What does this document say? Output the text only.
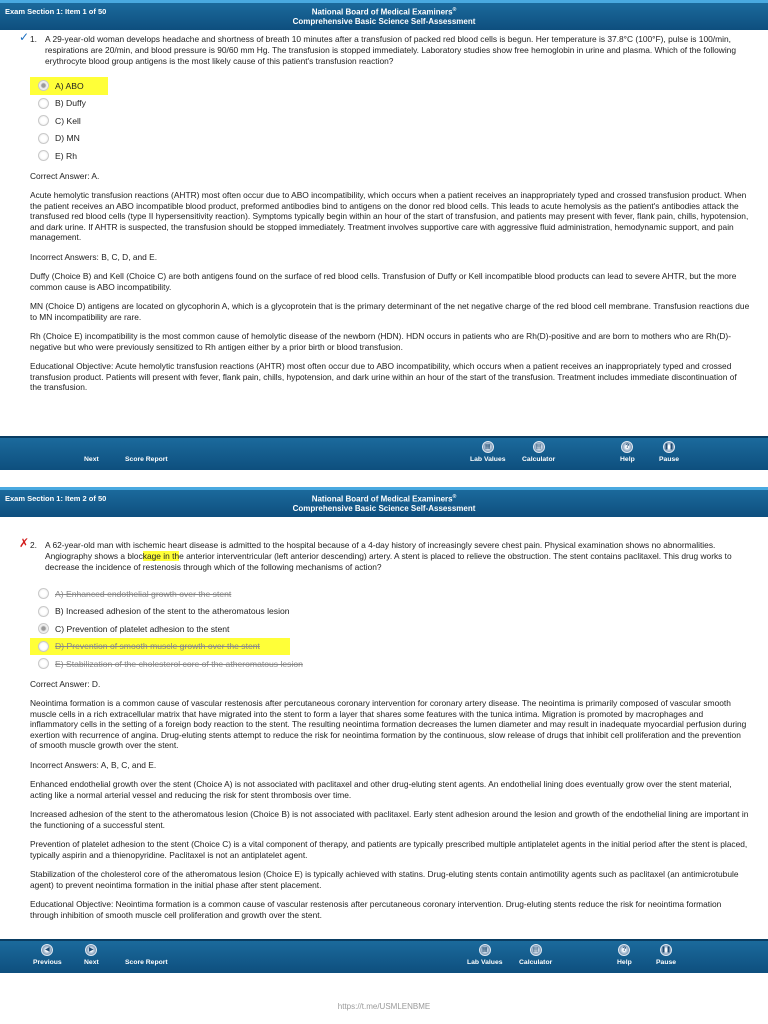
Exam Section 1: Item 1 of 50	National Board of Medical Examiners®
Comprehensive Basic Science Self-Assessment
✓ 1. A 29-year-old woman develops headache and shortness of breath 10 minutes after a transfusion of packed red blood cells is begun. Her temperature is 37.8°C (100°F), pulse is 100/min, respirations are 20/min, and blood pressure is 90/60 mm Hg. The transfusion is stopped immediately. Laboratory studies show free hemoglobin in urine and plasma. Which of the following erythrocyte blood group antigens is the most likely cause of this patient's transfusion reaction?
A) ABO
B) Duffy
C) Kell
D) MN
E) Rh

Correct Answer: A.

Acute hemolytic transfusion reactions (AHTR) most often occur due to ABO incompatibility, which occurs when a patient receives an inappropriately typed and crossed transfusion product. When the patient receives an ABO incompatible blood product, preformed antibodies bind to antigens on the donor red blood cells. This leads to acute hemolysis as the patient's antibodies attack the transfused red blood cells (type II hypersensitivity reaction). Symptoms typically begin within an hour of the start of transfusion, and patients may present with fever, flank pain, chills, hypotension, and dark urine. If AHTR is suspected, the transfusion should be stopped immediately. Treatment involves supportive care with aggressive fluid administration, hemodynamic support, and pain management.

Incorrect Answers: B, C, D, and E.

Duffy (Choice B) and Kell (Choice C) are both antigens found on the surface of red blood cells. Transfusion of Duffy or Kell incompatible blood products can lead to severe AHTR, but the more common cause is ABO incompatibility.

MN (Choice D) antigens are located on glycophorin A, which is a glycoprotein that is the primary determinant of the net negative charge of the red blood cell membrane. Transfusion reactions due to MN incompatibility are rare.

Rh (Choice E) incompatibility is the most common cause of hemolytic disease of the newborn (HDN). HDN occurs in patients who are Rh(D)-positive and are born to mothers who are Rh(D)-negative but who were previously sensitized to Rh antigen either by a prior birth or blood transfusion.

Educational Objective: Acute hemolytic transfusion reactions (AHTR) most often occur due to ABO incompatibility, which occurs when a patient receives an inappropriately typed and crossed transfusion product. Patients will present with fever, flank pain, chills, hypotension, and dark urine within an hour of the start of the transfusion. Treatment includes immediate discontinuation of the transfusion.

Next	Score Report
▦
Lab Values
▤
Calculator
?
Help
❚❚
Pause
Exam Section 1: Item 2 of 50	National Board of Medical Examiners®
Comprehensive Basic Science Self-Assessment
✗ 2. A 62-year-old man with ischemic heart disease is admitted to the hospital because of a 4-day history of increasingly severe chest pain. Physical examination shows no abnormalities. Angiography shows a blockage in the anterior interventricular (left anterior descending) artery. A stent is placed to relieve the obstruction. The stent contains paclitaxel. This drug works to decrease the incidence of restenosis through which of the following mechanisms of action?
A) Enhanced endothelial growth over the stent
B) Increased adhesion of the stent to the atheromatous lesion
C) Prevention of platelet adhesion to the stent
D) Prevention of smooth muscle growth over the stent
E) Stabilization of the cholesterol core of the atheromatous lesion

Correct Answer: D.

Neointima formation is a common cause of vascular restenosis after percutaneous coronary intervention for coronary artery disease. The neointima is primarily composed of vascular smooth muscle cells in a rich extracellular matrix that have migrated into the stent to form a layer that shares some features with the tunica intima. Migration is promoted by macrophages and inflammatory cells in the setting of a foreign body reaction to the stent. The resulting neointima formation decreases the lumen diameter and may result in inadequate myocardial perfusion during exertion with recurrence of angina. Drug-eluting stents attempt to reduce the risk for neointima formation by the continuous, slow release of drugs that inhibit cell proliferation and the prevention of smooth muscle growth over the stent.

Incorrect Answers: A, B, C, and E.

Enhanced endothelial growth over the stent (Choice A) is not associated with paclitaxel and other drug-eluting stent agents. An endothelial lining does eventually grow over the stent material, acting like a normal arterial vessel and reducing the risk for stent thrombosis over time.

Increased adhesion of the stent to the atheromatous lesion (Choice B) is not associated with paclitaxel. Early stent adhesion around the lesion and growth of the endothelial lining are important in the functioning of a successful stent.

Prevention of platelet adhesion to the stent (Choice C) is a vital component of therapy, and patients are typically prescribed multiple antiplatelet agents in the initial period after the stent is placed, typically aspirin and a thienopyridine. Paclitaxel is not an antiplatelet agent.

Stabilization of the cholesterol core of the atheromatous lesion (Choice E) is typically achieved with statins. Drug-eluting stents contain antimotility agents such as paclitaxel (an antimicrotubule agent) to prevent neointima formation in the initial phase after stent placement.

Educational Objective: Neointima formation is a common cause of vascular restenosis after percutaneous coronary intervention. Drug-eluting stents reduce the risk for neointima formation through inhibition of smooth muscle cell proliferation and growth over the stent.

◀
Previous
▶
Next	Score Report
▦
Lab Values
▤
Calculator
?
Help
❚❚
Pause
https://t.me/USMLENBME
